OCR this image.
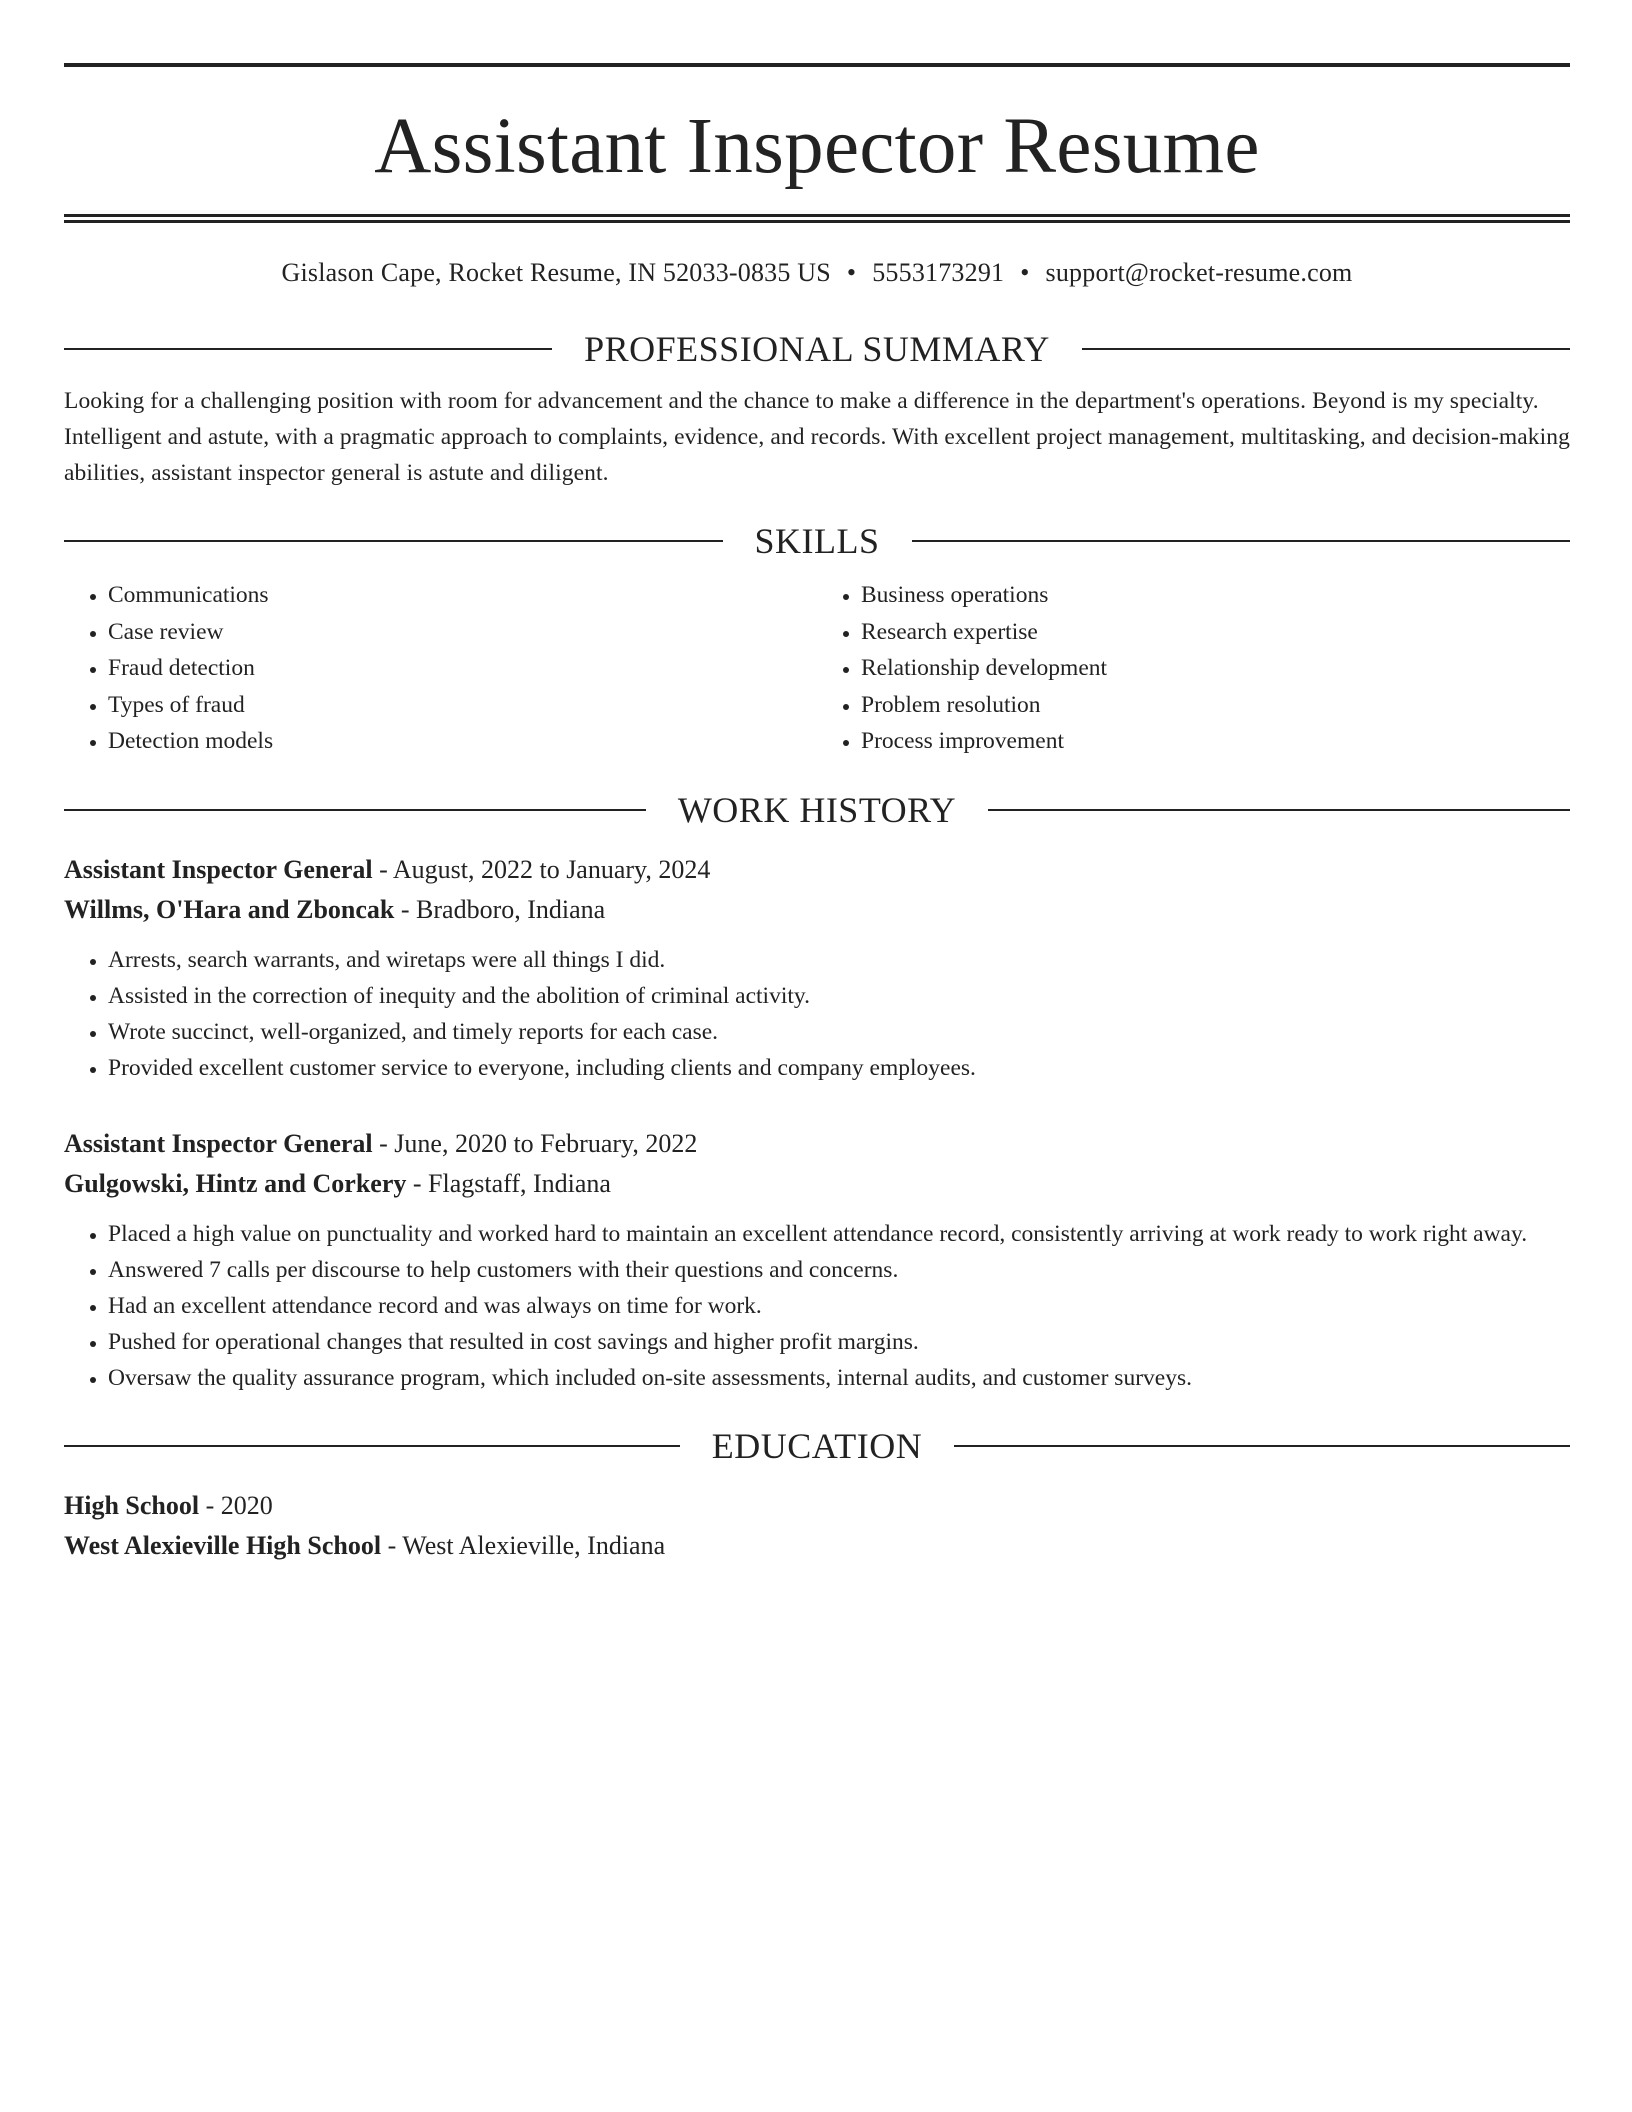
Assistant Inspector Resume
Gislason Cape, Rocket Resume, IN 52033-0835 US • 5553173291 • support@rocket-resume.com
PROFESSIONAL SUMMARY
Looking for a challenging position with room for advancement and the chance to make a difference in the department's operations. Beyond is my specialty. Intelligent and astute, with a pragmatic approach to complaints, evidence, and records. With excellent project management, multitasking, and decision-making abilities, assistant inspector general is astute and diligent.
SKILLS
• Communications
• Case review
• Fraud detection
• Types of fraud
• Detection models
• Business operations
• Research expertise
• Relationship development
• Problem resolution
• Process improvement
WORK HISTORY
Assistant Inspector General - August, 2022 to January, 2024
Willms, O'Hara and Zboncak - Bradboro, Indiana
• Arrests, search warrants, and wiretaps were all things I did.
• Assisted in the correction of inequity and the abolition of criminal activity.
• Wrote succinct, well-organized, and timely reports for each case.
• Provided excellent customer service to everyone, including clients and company employees.
Assistant Inspector General - June, 2020 to February, 2022
Gulgowski, Hintz and Corkery - Flagstaff, Indiana
• Placed a high value on punctuality and worked hard to maintain an excellent attendance record, consistently arriving at work ready to work right away.
• Answered 7 calls per discourse to help customers with their questions and concerns.
• Had an excellent attendance record and was always on time for work.
• Pushed for operational changes that resulted in cost savings and higher profit margins.
• Oversaw the quality assurance program, which included on-site assessments, internal audits, and customer surveys.
EDUCATION
High School - 2020
West Alexieville High School - West Alexieville, Indiana
